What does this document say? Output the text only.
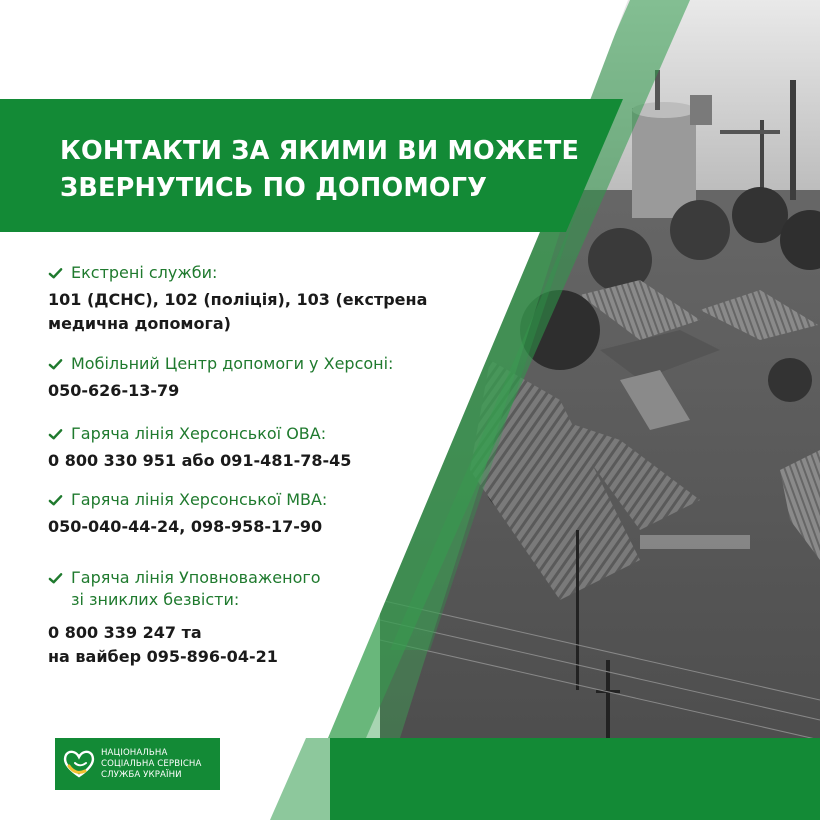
КОНТАКТИ ЗА ЯКИМИ ВИ МОЖЕТЕ
ЗВЕРНУТИСЬ ПО ДОПОМОГУ
Екстрені служби:
101 (ДСНС), 102 (поліція), 103 (екстрена
медична допомога)
Мобільний Центр допомоги у Херсоні:
050-626-13-79
Гаряча лінія Херсонської ОВА:
0 800 330 951 або 091-481-78-45
Гаряча лінія Херсонської МВА:
050-040-44-24, 098-958-17-90
Гаряча лінія Уповноваженого
зі зниклих безвісти:
0 800 339 247 та
на вайбер 095-896-04-21
НАЦІОНАЛЬНА
СОЦІАЛЬНА СЕРВІСНА
СЛУЖБА УКРАЇНИ
